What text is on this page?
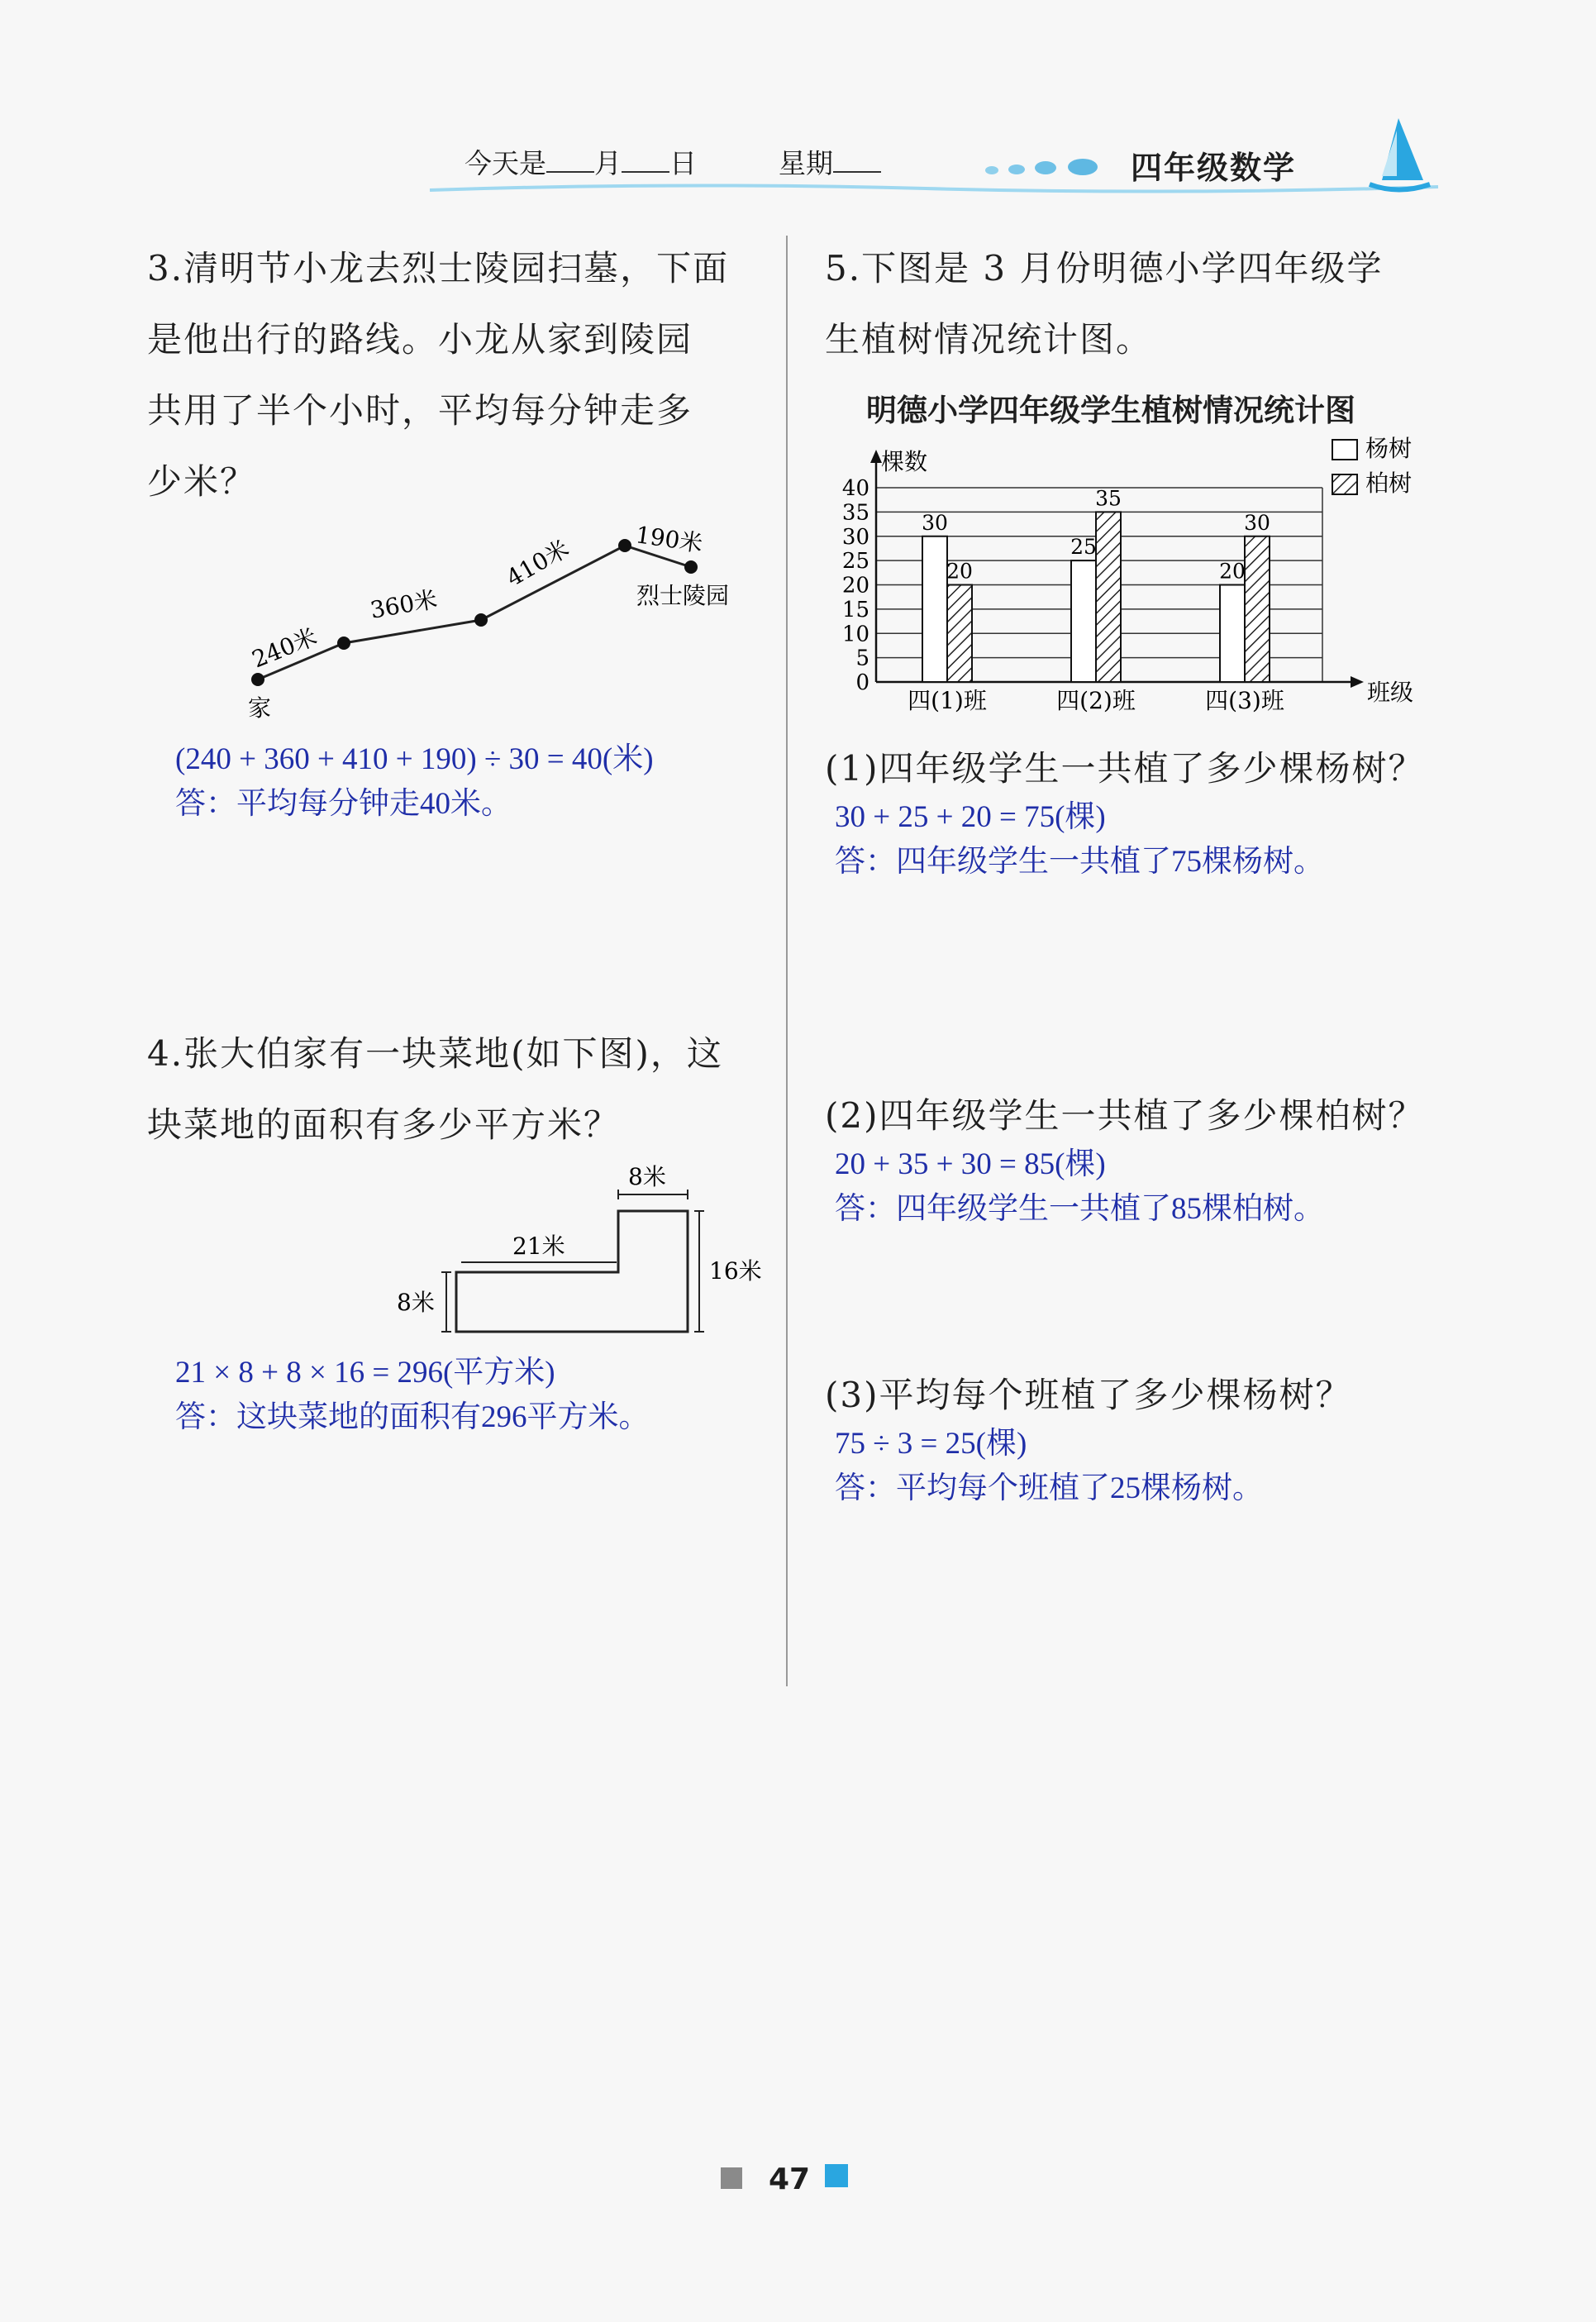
今天是 月 日	星期	四年级数学
3.清明节小龙去烈士陵园扫墓，下面
是他出行的路线。小龙从家到陵园
共用了半个小时，平均每分钟走多
少米？
240米
360米
410米	190米
家
烈士陵园
(240 + 360 + 410 + 190) ÷ 30 = 40(米)
答：平均每分钟走40米。
4.张大伯家有一块菜地(如下图)，这
块菜地的面积有多少平方米？
8米
21米
16米
8米
21 × 8 + 8 × 16 = 296(平方米)
答：这块菜地的面积有296平方米。
5.下图是 3 月份明德小学四年级学
生植树情况统计图。
明德小学四年级学生植树情况统计图
0
5
10
15
20
25
30
35
40
棵数
班级
30
20
四(1)班
25
35
四(2)班
20
30
四(3)班
杨树
柏树
(1)四年级学生一共植了多少棵杨树？
30 + 25 + 20 = 75(棵)
答：四年级学生一共植了75棵杨树。
(2)四年级学生一共植了多少棵柏树？
20 + 35 + 30 = 85(棵)
答：四年级学生一共植了85棵柏树。
(3)平均每个班植了多少棵杨树？
75 ÷ 3 = 25(棵)
答：平均每个班植了25棵杨树。
47
